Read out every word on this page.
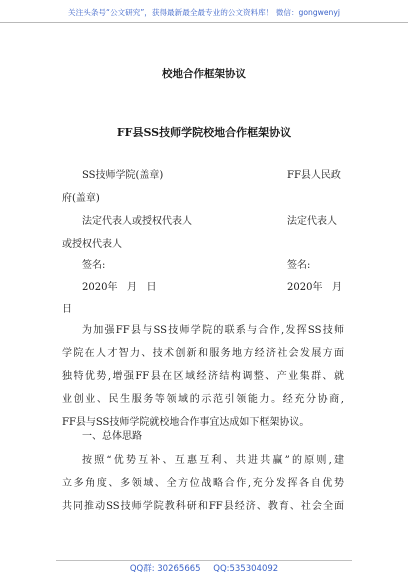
关注头条号“公文研究”，获得最新最全最专业的公文资料库！ 微信：gongwenyj
校地合作框架协议
FF县SS技师学院校地合作框架协议
SS技师学院(盖章)	FF县人民政
府(盖章)
法定代表人或授权代表人	法定代表人
或授权代表人
签名:	签名:
2020年   月   日	2020年   月
日
为加强FF县与SS技师学院的联系与合作,发挥SS技师
学院在人才智力、技术创新和服务地方经济社会发展方面
独特优势,增强FF县在区域经济结构调整、产业集群、就
业创业、民生服务等领域的示范引领能力。经充分协商,
FF县与SS技师学院就校地合作事宜达成如下框架协议。
一、总体思路
按照“优势互补、互惠互利、共进共赢”的原则,建
立多角度、多领域、全方位战略合作,充分发挥各自优势
共同推动SS技师学院教科研和FF县经济、教育、社会全面
QQ群: 30265665 QQ:535304092
